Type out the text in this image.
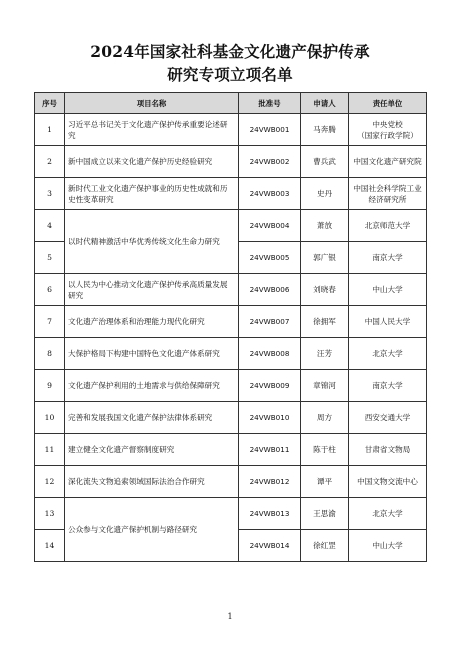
2024年国家社科基金文化遗产保护传承
研究专项立项名单
序号	项目名称	批准号	申请人	责任单位
1	习近平总书记关于文化遗产保护传承重要论述研究	24VWB001	马奔腾	中央党校
（国家行政学院）
2	新中国成立以来文化遗产保护历史经验研究	24VWB002	曹兵武	中国文化遗产研究院
3	新时代工业文化遗产保护事业的历史性成就和历史性变革研究	24VWB003	史丹	中国社会科学院工业经济研究所
4	以时代精神激活中华优秀传统文化生命力研究	24VWB004	萧放	北京师范大学
5		24VWB005	郭广银	南京大学
6	以人民为中心推动文化遗产保护传承高质量发展研究	24VWB006	刘晓春	中山大学
7	文化遗产治理体系和治理能力现代化研究	24VWB007	徐拥军	中国人民大学
8	大保护格局下构建中国特色文化遗产体系研究	24VWB008	汪芳	北京大学
9	文化遗产保护利用的土地需求与供给保障研究	24VWB009	章锦河	南京大学
10	完善和发展我国文化遗产保护法律体系研究	24VWB010	周方	西安交通大学
11	建立健全文化遗产督察制度研究	24VWB011	陈于柱	甘肃省文物局
12	深化流失文物追索领域国际法治合作研究	24VWB012	谭平	中国文物交流中心
13	公众参与文化遗产保护机制与路径研究	24VWB013	王思渝	北京大学
14		24VWB014	徐红罡	中山大学
1
